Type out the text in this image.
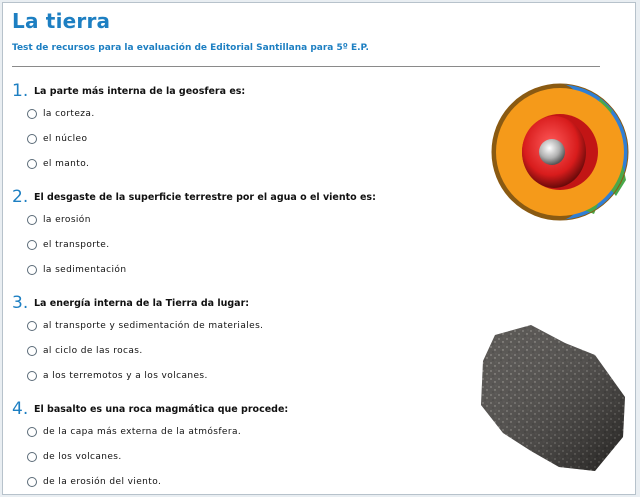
La tierra
Test de recursos para la evaluación de Editorial Santillana para 5º E.P.
1. La parte más interna de la geosfera es:
la corteza.
el núcleo
el manto.
2. El desgaste de la superficie terrestre por el agua o el viento es:
la erosión
el transporte.
la sedimentación
3. La energía interna de la Tierra da lugar:
al transporte y sedimentación de materiales.
al ciclo de las rocas.
a los terremotos y a los volcanes.
4. El basalto es una roca magmática que procede:
de la capa más externa de la atmósfera.
de los volcanes.
de la erosión del viento.
